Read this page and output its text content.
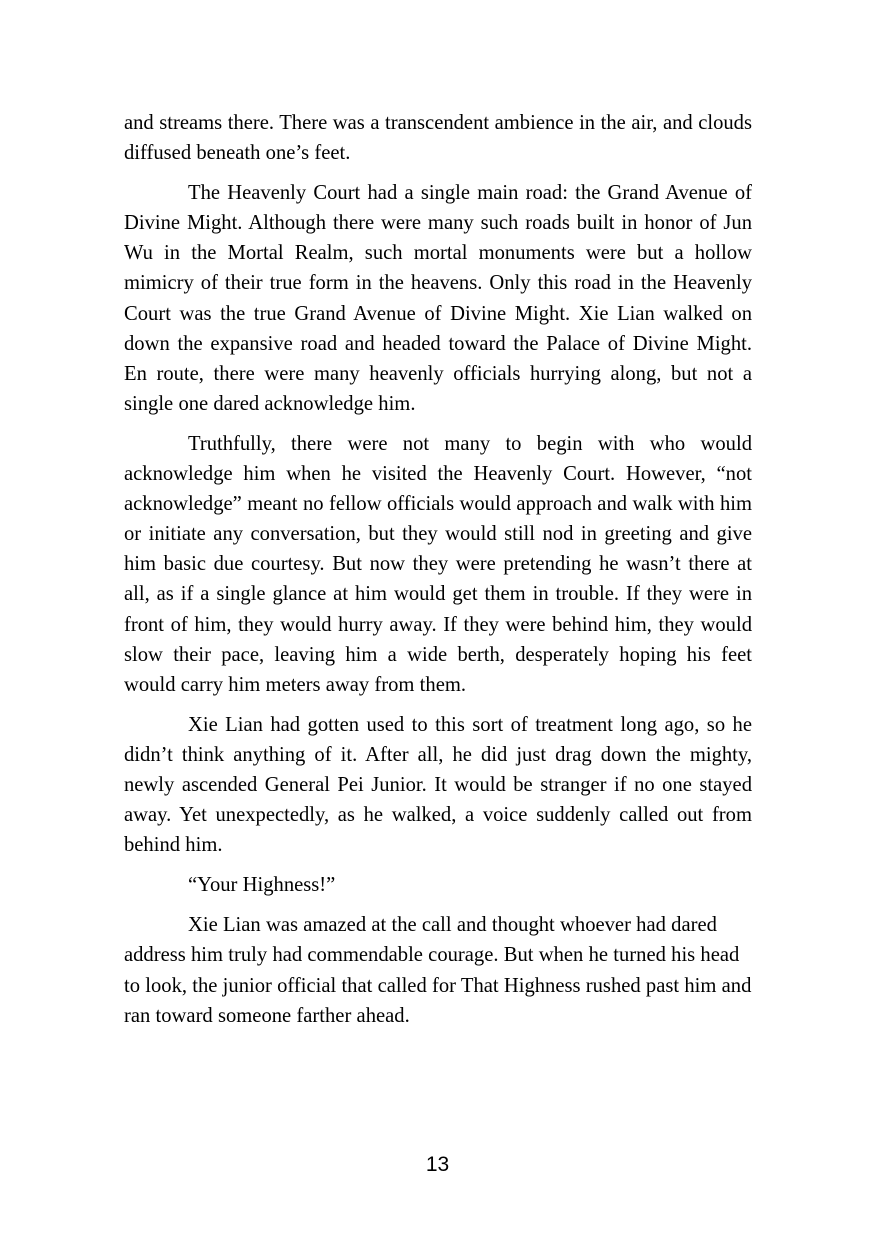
and streams there. There was a transcendent ambience in the air, and clouds diffused beneath one’s feet.

The Heavenly Court had a single main road: the Grand Avenue of Divine Might. Although there were many such roads built in honor of Jun Wu in the Mortal Realm, such mortal monuments were but a hollow mimicry of their true form in the heavens. Only this road in the Heavenly Court was the true Grand Avenue of Divine Might. Xie Lian walked on down the expansive road and headed toward the Palace of Divine Might. En route, there were many heavenly officials hurrying along, but not a single one dared acknowledge him.

Truthfully, there were not many to begin with who would acknowledge him when he visited the Heavenly Court. However, “not acknowledge” meant no fellow officials would approach and walk with him or initiate any conversation, but they would still nod in greeting and give him basic due courtesy. But now they were pretending he wasn’t there at all, as if a single glance at him would get them in trouble. If they were in front of him, they would hurry away. If they were behind him, they would slow their pace, leaving him a wide berth, desperately hoping his feet would carry him meters away from them.

Xie Lian had gotten used to this sort of treatment long ago, so he didn’t think anything of it. After all, he did just drag down the mighty, newly ascended General Pei Junior. It would be stranger if no one stayed away. Yet unexpectedly, as he walked, a voice suddenly called out from behind him.

“Your Highness!”

Xie Lian was amazed at the call and thought whoever had dared address him truly had commendable courage. But when he turned his head to look, the junior official that called for That Highness rushed past him and ran toward someone farther ahead.

13
